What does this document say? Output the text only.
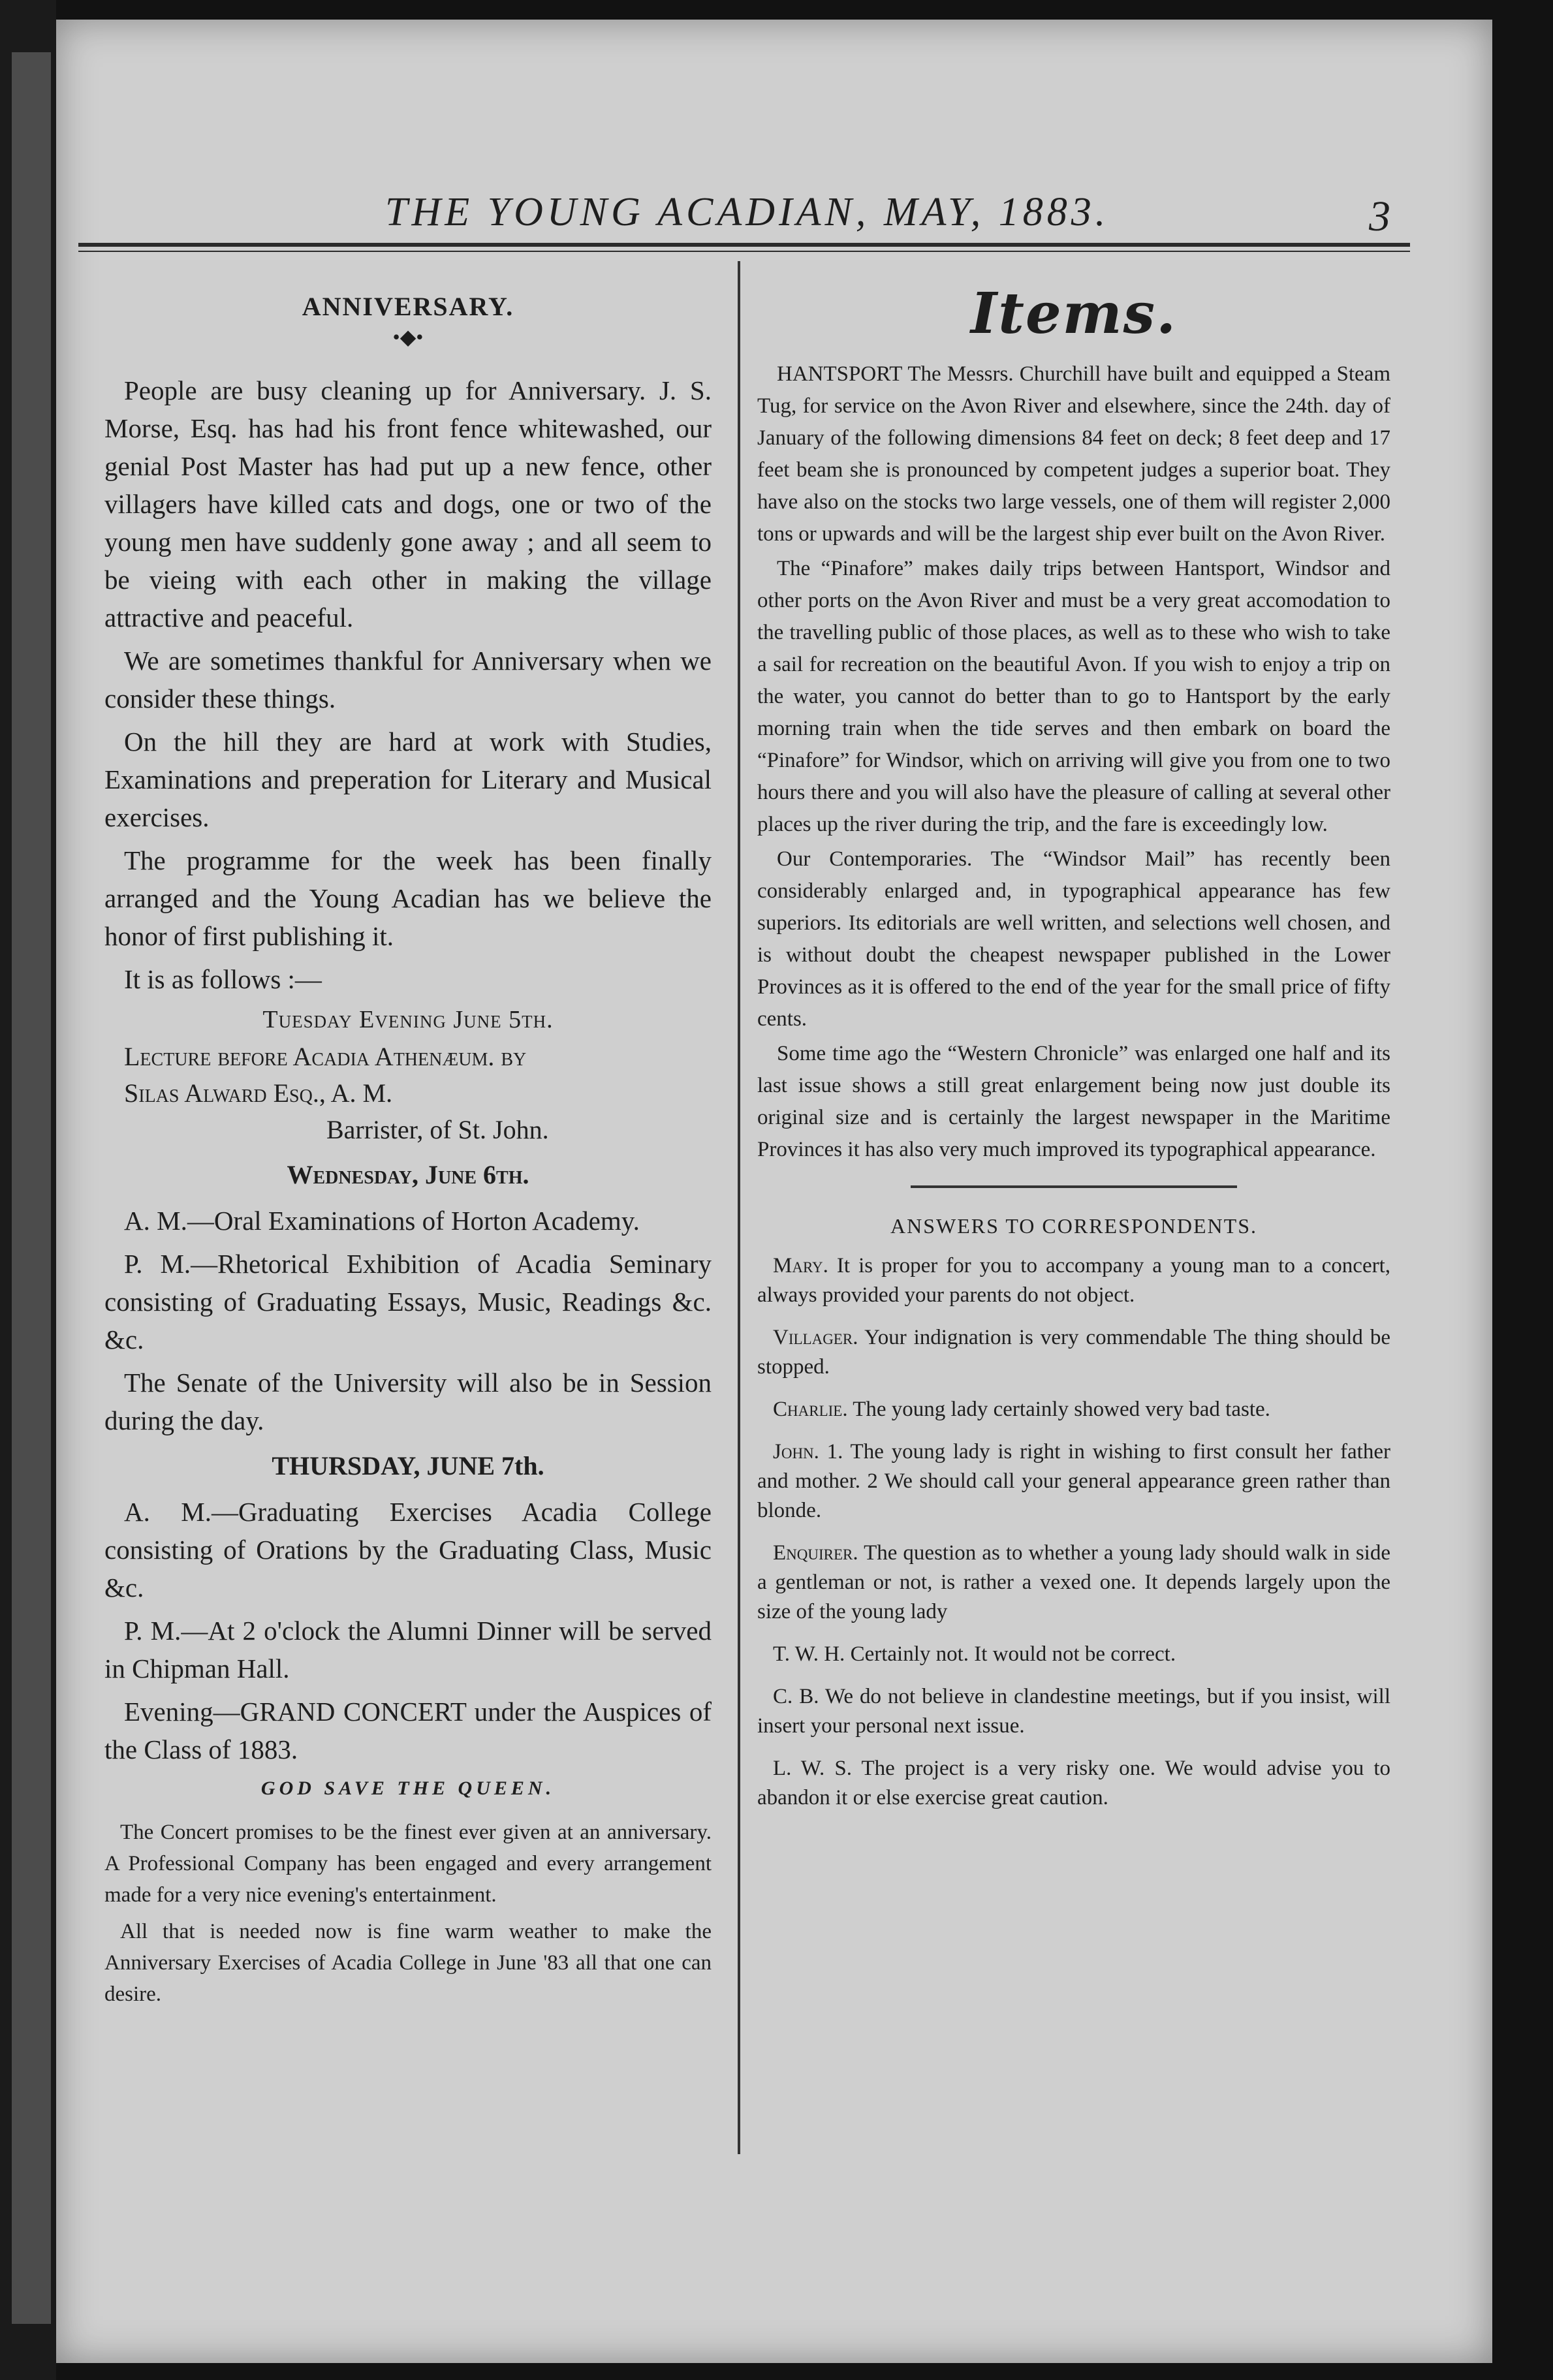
THE YOUNG ACADIAN, MAY, 1883.	3
ANNIVERSARY.
•◆•

People are busy cleaning up for Anniversary. J. S. Morse, Esq. has had his front fence whitewashed, our genial Post Master has had put up a new fence, other villagers have killed cats and dogs, one or two of the young men have suddenly gone away ; and all seem to be vieing with each other in making the village attractive and peaceful.

We are sometimes thankful for Anniversary when we consider these things.

On the hill they are hard at work with Studies, Examinations and preperation for Literary and Musical exercises.

The programme for the week has been finally arranged and the Young Acadian has we believe the honor of first publishing it.

It is as follows :—

Tuesday Evening June 5th.
Lecture before Acadia Athenæum. by
Silas Alward Esq., A. M.
Barrister, of St. John.
Wednesday, June 6th.

A. M.—Oral Examinations of Horton Academy.

P. M.—Rhetorical Exhibition of Acadia Seminary consisting of Graduating Essays, Music, Readings &c. &c.

The Senate of the University will also be in Session during the day.

THURSDAY, JUNE 7th.

A. M.—Graduating Exercises Acadia College consisting of Orations by the Graduating Class, Music &c.

P. M.—At 2 o'clock the Alumni Dinner will be served in Chipman Hall.

Evening—GRAND CONCERT under the Auspices of the Class of 1883.

GOD SAVE THE QUEEN.

The Concert promises to be the finest ever given at an anniversary. A Professional Company has been engaged and every arrangement made for a very nice evening's entertainment.

All that is needed now is fine warm weather to make the Anniversary Exercises of Acadia College in June '83 all that one can desire.

Items.

HANTSPORT The Messrs. Churchill have built and equipped a Steam Tug, for service on the Avon River and elsewhere, since the 24th. day of January of the following dimensions 84 feet on deck; 8 feet deep and 17 feet beam she is pronounced by competent judges a superior boat. They have also on the stocks two large vessels, one of them will register 2,000 tons or upwards and will be the largest ship ever built on the Avon River.

The “Pinafore” makes daily trips between Hantsport, Windsor and other ports on the Avon River and must be a very great accomodation to the travelling public of those places, as well as to these who wish to take a sail for recreation on the beautiful Avon. If you wish to enjoy a trip on the water, you cannot do better than to go to Hantsport by the early morning train when the tide serves and then embark on board the “Pinafore” for Windsor, which on arriving will give you from one to two hours there and you will also have the pleasure of calling at several other places up the river during the trip, and the fare is exceedingly low.

Our Contemporaries. The “Windsor Mail” has recently been considerably enlarged and, in typographical appearance has few superiors. Its editorials are well written, and selections well chosen, and is without doubt the cheapest newspaper published in the Lower Provinces as it is offered to the end of the year for the small price of fifty cents.

Some time ago the “Western Chronicle” was enlarged one half and its last issue shows a still great enlargement being now just double its original size and is certainly the largest newspaper in the Maritime Provinces it has also very much improved its typographical appearance.

ANSWERS TO CORRESPONDENTS.

Mary. It is proper for you to accompany a young man to a concert, always provided your parents do not object.

Villager. Your indignation is very commendable The thing should be stopped.

Charlie. The young lady certainly showed very bad taste.

John. 1. The young lady is right in wishing to first consult her father and mother. 2 We should call your general appearance green rather than blonde.

Enquirer. The question as to whether a young lady should walk in side a gentleman or not, is rather a vexed one. It depends largely upon the size of the young lady

T. W. H. Certainly not. It would not be correct.

C. B. We do not believe in clandestine meetings, but if you insist, will insert your personal next issue.

L. W. S. The project is a very risky one. We would advise you to abandon it or else exercise great caution.
